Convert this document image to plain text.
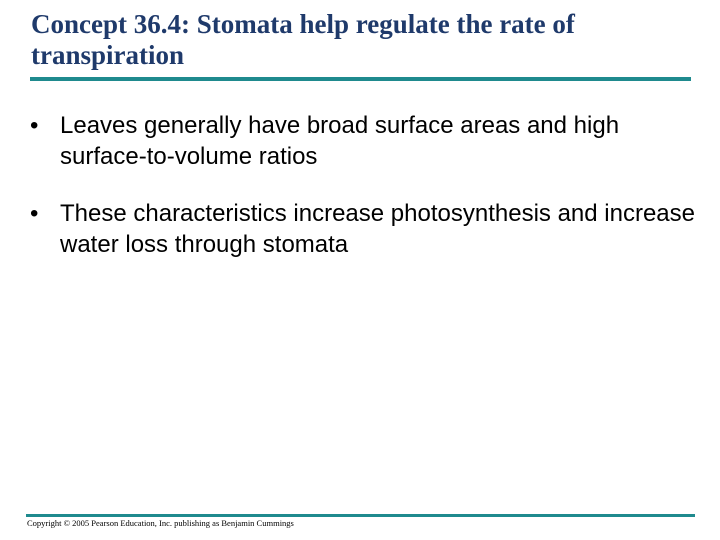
Concept 36.4: Stomata help regulate the rate of transpiration
• Leaves generally have broad surface areas and high surface-to-volume ratios
• These characteristics increase photosynthesis and increase water loss through stomata
Copyright © 2005 Pearson Education, Inc. publishing as Benjamin Cummings
